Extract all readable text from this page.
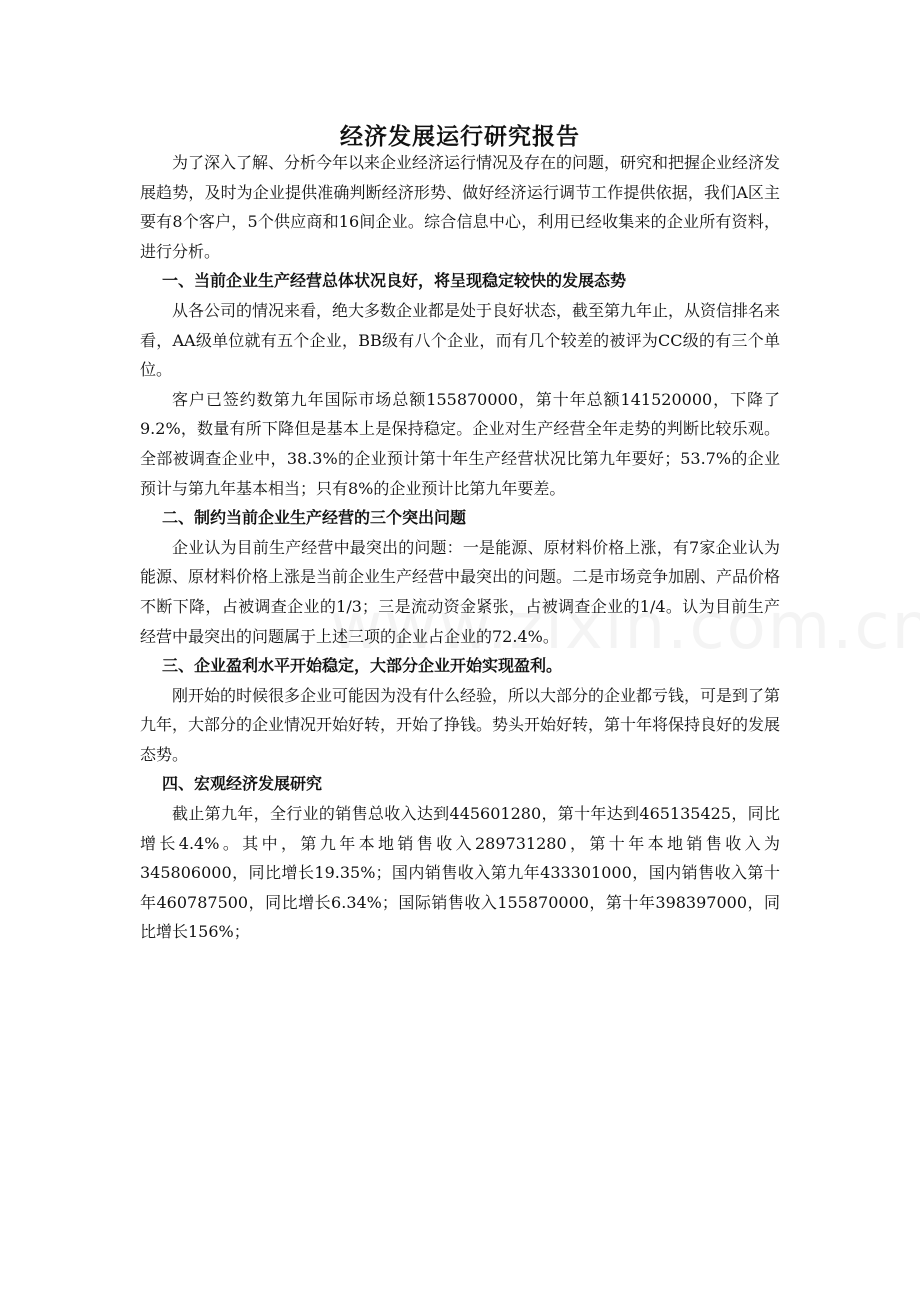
经济发展运行研究报告

为了深入了解、分析今年以来企业经济运行情况及存在的问题，研究和把握企业经济发展趋势，及时为企业提供准确判断经济形势、做好经济运行调节工作提供依据，我们A区主要有8个客户，5个供应商和16间企业。综合信息中心，利用已经收集来的企业所有资料，进行分析。

一、当前企业生产经营总体状况良好，将呈现稳定较快的发展态势

从各公司的情况来看，绝大多数企业都是处于良好状态，截至第九年止，从资信排名来看，AA级单位就有五个企业，BB级有八个企业，而有几个较差的被评为CC级的有三个单位。

客户已签约数第九年国际市场总额155870000，第十年总额141520000，下降了9.2%，数量有所下降但是基本上是保持稳定。企业对生产经营全年走势的判断比较乐观。全部被调查企业中，38.3%的企业预计第十年生产经营状况比第九年要好；53.7%的企业预计与第九年基本相当；只有8%的企业预计比第九年要差。

二、制约当前企业生产经营的三个突出问题

企业认为目前生产经营中最突出的问题：一是能源、原材料价格上涨，有7家企业认为能源、原材料价格上涨是当前企业生产经营中最突出的问题。二是市场竞争加剧、产品价格不断下降，占被调查企业的1/3；三是流动资金紧张，占被调查企业的1/4。认为目前生产经营中最突出的问题属于上述三项的企业占企业的72.4%。

三、企业盈利水平开始稳定，大部分企业开始实现盈利。

刚开始的时候很多企业可能因为没有什么经验，所以大部分的企业都亏钱，可是到了第九年，大部分的企业情况开始好转，开始了挣钱。势头开始好转，第十年将保持良好的发展态势。

四、宏观经济发展研究

截止第九年，全行业的销售总收入达到445601280，第十年达到465135425，同比增长4.4%。其中，第九年本地销售收入289731280，第十年本地销售收入为345806000，同比增长19.35%；国内销售收入第九年433301000，国内销售收入第十年460787500，同比增长6.34%；国际销售收入155870000，第十年398397000，同比增长156%；
